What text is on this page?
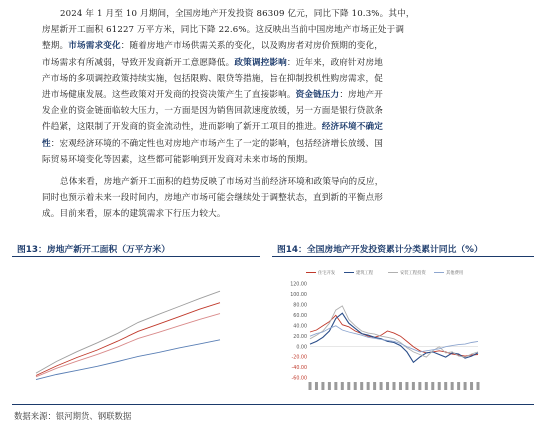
2024 年 1 月至 10 月期间，全国房地产开发投资 86309 亿元，同比下降 10.3%。其中，
房屋新开工面积 61227 万平方米，同比下降 22.6%。这反映出当前中国房地产市场正处于调
整期。市场需求变化：随着房地产市场供需关系的变化，以及购房者对房价预期的变化，
市场需求有所减弱，导致开发商新开工意愿降低。政策调控影响：近年来，政府针对房地
产市场的多项调控政策持续实施，包括限购、限贷等措施，旨在抑制投机性购房需求，促
进市场健康发展。这些政策对开发商的投资决策产生了直接影响。资金链压力：房地产开
发企业的资金链面临较大压力，一方面是因为销售回款速度放缓，另一方面是银行贷款条
件趋紧，这限制了开发商的资金流动性，进而影响了新开工项目的推进。经济环境不确定
性：宏观经济环境的不确定性也对房地产市场产生了一定的影响，包括经济增长放缓、国
际贸易环境变化等因素，这些都可能影响到开发商对未来市场的预期。

总体来看，房地产新开工面积的趋势反映了市场对当前经济环境和政策导向的反应，
同时也预示着未来一段时间内，房地产市场可能会继续处于调整状态，直到新的平衡点形
成。目前来看，原本的建筑需求下行压力较大。

图13：房地产新开工面积（万平方米）	图14：全国房地产开发投资累计分类累计同比（%）
住宅开发	建筑工程	安装工程投资	其他费用
120.00
100.00
80.00
60.00
40.00
20.00
0.00
-20.00
-40.00
-60.00
数据来源：银河期货、钢联数据
